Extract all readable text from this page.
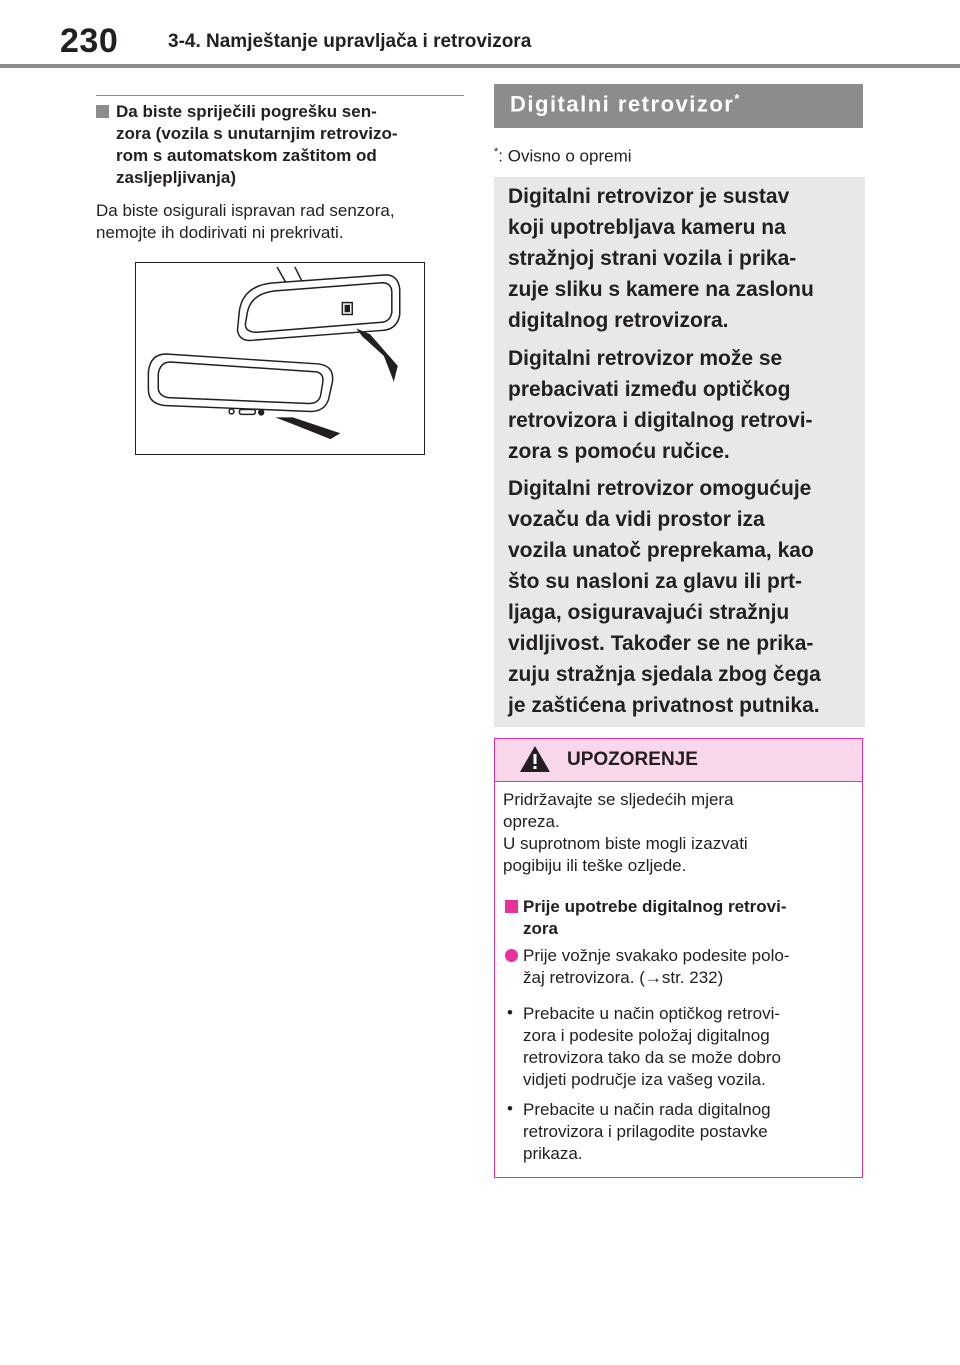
230	3-4. Namještanje upravljača i retrovizora
Da biste spriječili pogrešku sen-
zora (vozila s unutarnjim retrovizo-
rom s automatskom zaštitom od
zasljepljivanja)
Da biste osigurali ispravan rad senzora,
nemojte ih dodirivati ni prekrivati.
Digitalni retrovizor*
*: Ovisno o opremi
Digitalni retrovizor je sustav
koji upotrebljava kameru na
stražnjoj strani vozila i prika-
zuje sliku s kamere na zaslonu
digitalnog retrovizora.
Digitalni retrovizor može se
prebacivati između optičkog
retrovizora i digitalnog retrovi-
zora s pomoću ručice.
Digitalni retrovizor omogućuje
vozaču da vidi prostor iza
vozila unatoč preprekama, kao
što su nasloni za glavu ili prt-
ljaga, osiguravajući stražnju
vidljivost. Također se ne prika-
zuju stražnja sjedala zbog čega
je zaštićena privatnost putnika.
UPOZORENJE
Pridržavajte se sljedećih mjera
opreza.
U suprotnom biste mogli izazvati
pogibiju ili teške ozljede.
Prije upotrebe digitalnog retrovi-
zora
Prije vožnje svakako podesite polo-
žaj retrovizora. (→str. 232)
• Prebacite u način optičkog retrovi-
zora i podesite položaj digitalnog
retrovizora tako da se može dobro
vidjeti područje iza vašeg vozila.
• Prebacite u način rada digitalnog
retrovizora i prilagodite postavke
prikaza.
